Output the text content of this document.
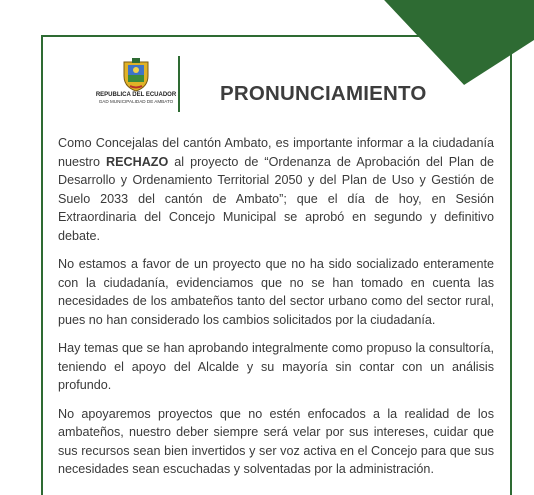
REPUBLICA DEL ECUADOR
GAD MUNICIPALIDAD DE AMBATO	PRONUNCIAMIENTO

Como Concejalas del cantón Ambato, es importante informar a la ciudadanía nuestro RECHAZO al proyecto de “Ordenanza de Aprobación del Plan de Desarrollo y Ordenamiento Territorial 2050 y del Plan de Uso y Gestión de Suelo 2033 del cantón de Ambato”; que el día de hoy, en Sesión Extraordinaria del Concejo Municipal se aprobó en segundo y definitivo debate.

No estamos a favor de un proyecto que no ha sido socializado enteramente con la ciudadanía, evidenciamos que no se han tomado en cuenta las necesidades de los ambateños tanto del sector urbano como del sector rural, pues no han considerado los cambios solicitados por la ciudadanía.

Hay temas que se han aprobando integralmente como propuso la consultoría, teniendo el apoyo del Alcalde y su mayoría sin contar con un análisis profundo.

No apoyaremos proyectos que no estén enfocados a la realidad de los ambateños, nuestro deber siempre será velar por sus intereses, cuidar que sus recursos sean bien invertidos y ser voz activa en el Concejo para que sus necesidades sean escuchadas y solventadas por la administración.
